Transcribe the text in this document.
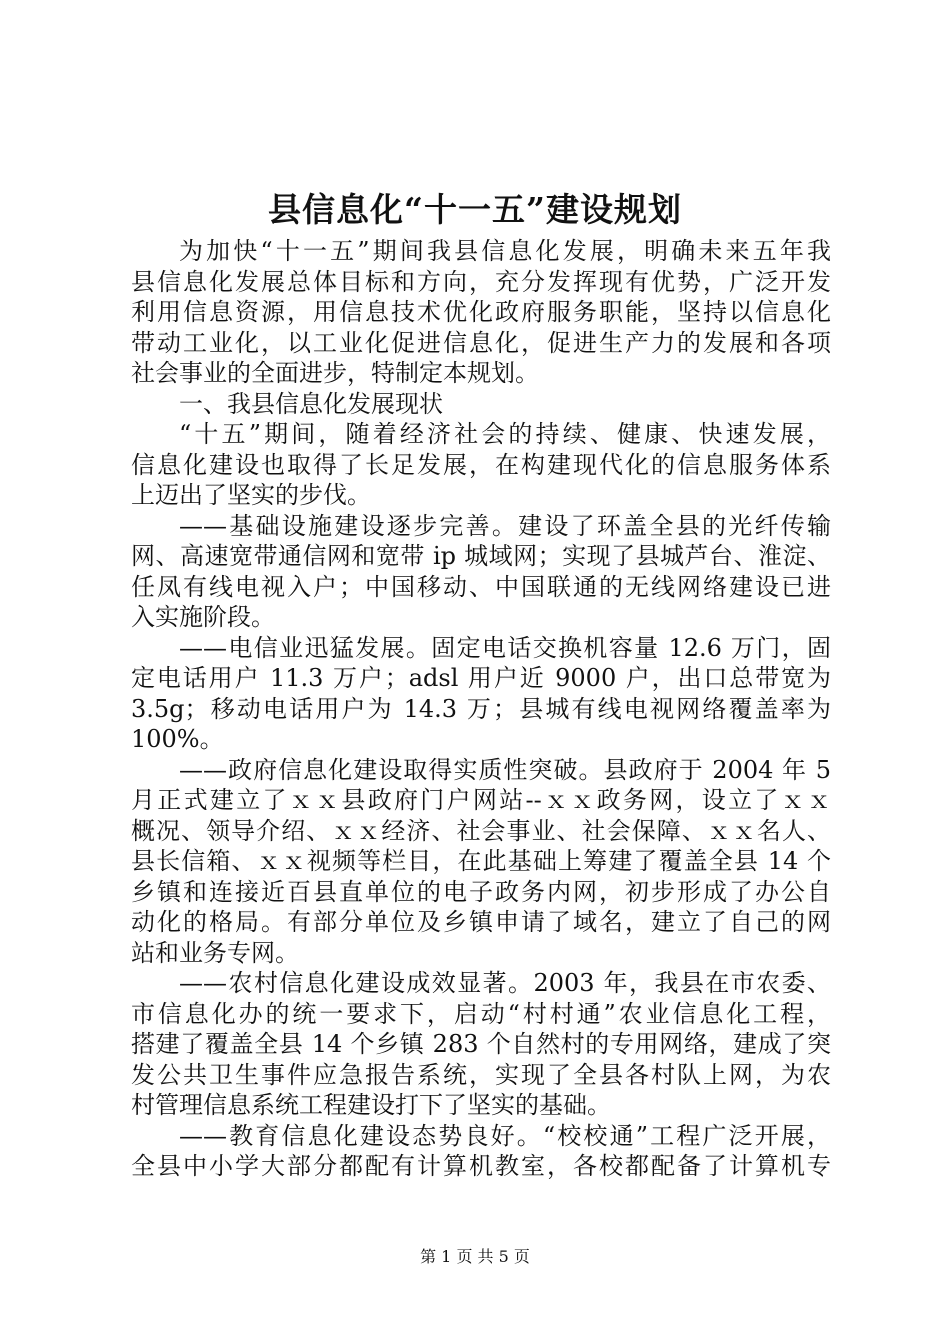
县信息化“十一五”建设规划
为加快“十一五”期间我县信息化发展，明确未来五年我
县信息化发展总体目标和方向，充分发挥现有优势，广泛开发
利用信息资源，用信息技术优化政府服务职能，坚持以信息化
带动工业化，以工业化促进信息化，促进生产力的发展和各项
社会事业的全面进步，特制定本规划。
一、我县信息化发展现状
“十五”期间，随着经济社会的持续、健康、快速发展，
信息化建设也取得了长足发展，在构建现代化的信息服务体系
上迈出了坚实的步伐。
——基础设施建设逐步完善。建设了环盖全县的光纤传输
网、高速宽带通信网和宽带 ip 城域网；实现了县城芦台、淮淀、
任凤有线电视入户；中国移动、中国联通的无线网络建设已进
入实施阶段。
——电信业迅猛发展。固定电话交换机容量 12.6 万门，固
定电话用户 11.3 万户；adsl 用户近 9000 户，出口总带宽为
3.5g；移动电话用户为 14.3 万；县城有线电视网络覆盖率为
100%。
——政府信息化建设取得实质性突破。县政府于 2004 年 5
月正式建立了ｘｘ县政府门户网站--ｘｘ政务网，设立了ｘｘ
概况、领导介绍、ｘｘ经济、社会事业、社会保障、ｘｘ名人、
县长信箱、ｘｘ视频等栏目，在此基础上筹建了覆盖全县 14 个
乡镇和连接近百县直单位的电子政务内网，初步形成了办公自
动化的格局。有部分单位及乡镇申请了域名，建立了自己的网
站和业务专网。
——农村信息化建设成效显著。2003 年，我县在市农委、
市信息化办的统一要求下，启动“村村通”农业信息化工程，
搭建了覆盖全县 14 个乡镇 283 个自然村的专用网络，建成了突
发公共卫生事件应急报告系统，实现了全县各村队上网，为农
村管理信息系统工程建设打下了坚实的基础。
——教育信息化建设态势良好。“校校通”工程广泛开展，
全县中小学大部分都配有计算机教室，各校都配备了计算机专
第 1 页 共 5 页
